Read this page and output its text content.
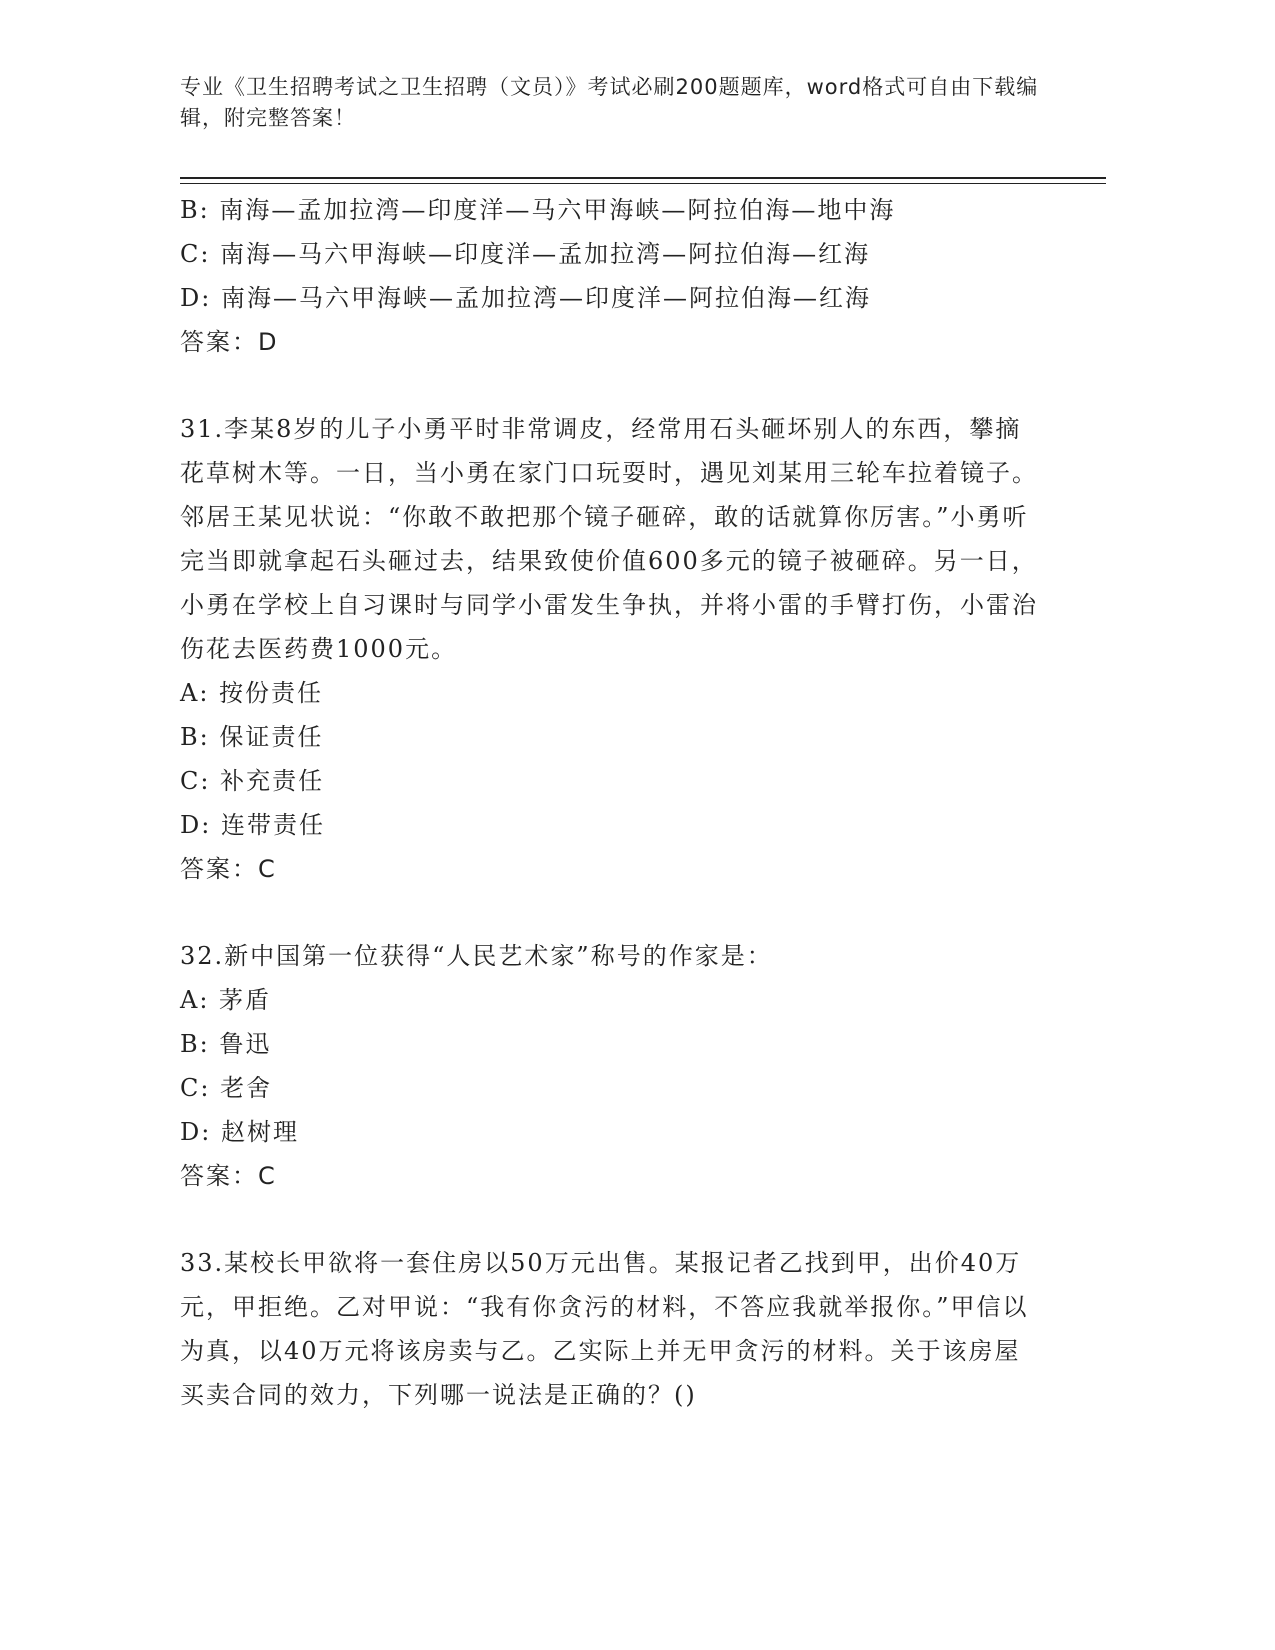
专业《卫生招聘考试之卫生招聘（文员）》考试必刷200题题库，word格式可自由下载编辑，附完整答案！
B: 南海—孟加拉湾—印度洋—马六甲海峡—阿拉伯海—地中海
C: 南海—马六甲海峡—印度洋—孟加拉湾—阿拉伯海—红海
D: 南海—马六甲海峡—孟加拉湾—印度洋—阿拉伯海—红海
答案：D
31.李某8岁的儿子小勇平时非常调皮，经常用石头砸坏别人的东西，攀摘花草树木等。一日，当小勇在家门口玩耍时，遇见刘某用三轮车拉着镜子。邻居王某见状说：“你敢不敢把那个镜子砸碎，敢的话就算你厉害。”小勇听完当即就拿起石头砸过去，结果致使价值600多元的镜子被砸碎。另一日，小勇在学校上自习课时与同学小雷发生争执，并将小雷的手臂打伤，小雷治伤花去医药费1000元。
A: 按份责任
B: 保证责任
C: 补充责任
D: 连带责任
答案：C
32.新中国第一位获得“人民艺术家”称号的作家是：
A: 茅盾
B: 鲁迅
C: 老舍
D: 赵树理
答案：C
33.某校长甲欲将一套住房以50万元出售。某报记者乙找到甲，出价40万元，甲拒绝。乙对甲说：“我有你贪污的材料，不答应我就举报你。”甲信以为真，以40万元将该房卖与乙。乙实际上并无甲贪污的材料。关于该房屋买卖合同的效力，下列哪一说法是正确的？()
